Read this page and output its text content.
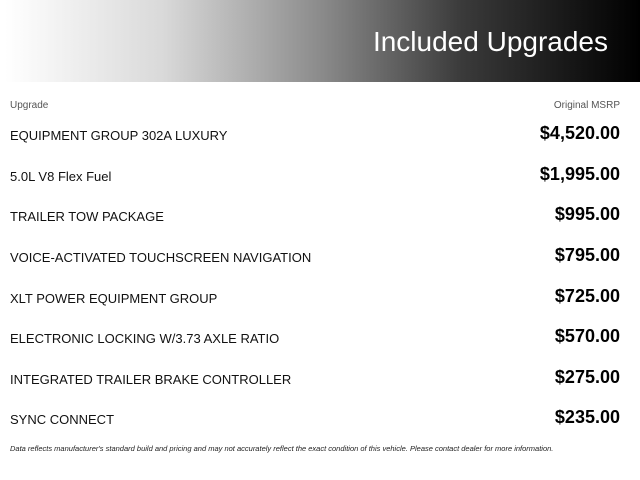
Included Upgrades
Upgrade	Original MSRP
EQUIPMENT GROUP 302A LUXURY	$4,520.00
5.0L V8 Flex Fuel	$1,995.00
TRAILER TOW PACKAGE	$995.00
VOICE-ACTIVATED TOUCHSCREEN NAVIGATION	$795.00
XLT POWER EQUIPMENT GROUP	$725.00
ELECTRONIC LOCKING W/3.73 AXLE RATIO	$570.00
INTEGRATED TRAILER BRAKE CONTROLLER	$275.00
SYNC CONNECT	$235.00
Data reflects manufacturer's standard build and pricing and may not accurately reflect the exact condition of this vehicle. Please contact dealer for more information.
